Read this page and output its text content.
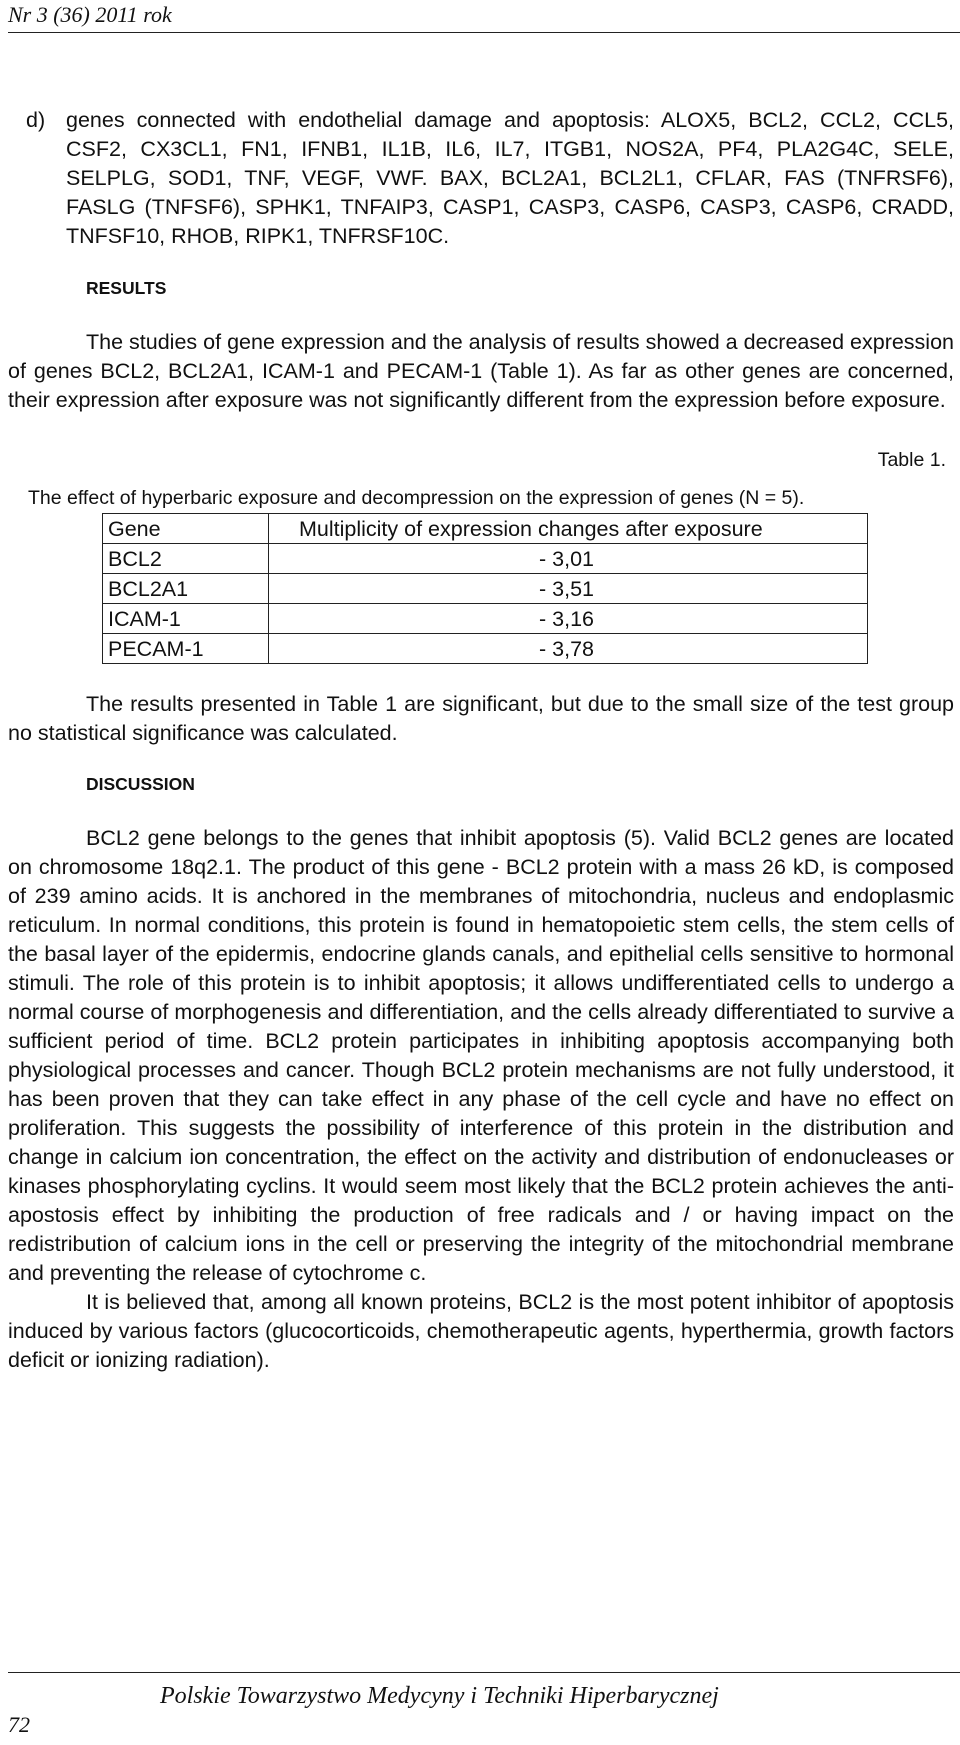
Nr 3 (36) 2011 rok
d) genes connected with endothelial damage and apoptosis: ALOX5, BCL2, CCL2, CCL5, CSF2, CX3CL1, FN1, IFNB1, IL1B, IL6, IL7, ITGB1, NOS2A, PF4, PLA2G4C, SELE, SELPLG, SOD1, TNF, VEGF, VWF. BAX, BCL2A1, BCL2L1, CFLAR, FAS (TNFRSF6), FASLG (TNFSF6), SPHK1, TNFAIP3, CASP1, CASP3, CASP6, CASP3, CASP6, CRADD, TNFSF10, RHOB, RIPK1, TNFRSF10C.
RESULTS

The studies of gene expression and the analysis of results showed a decreased expression of genes BCL2, BCL2A1, ICAM-1 and PECAM-1 (Table 1). As far as other genes are concerned, their expression after exposure was not significantly different from the expression before exposure.

Table 1.
The effect of hyperbaric exposure and decompression on the expression of genes (N = 5).
Gene	Multiplicity of expression changes after exposure
BCL2	- 3,01
BCL2A1	- 3,51
ICAM-1	- 3,16
PECAM-1	- 3,78

The results presented in Table 1 are significant, but due to the small size of the test group no statistical significance was calculated.

DISCUSSION

BCL2 gene belongs to the genes that inhibit apoptosis (5). Valid BCL2 genes are located on chromosome 18q2.1. The product of this gene - BCL2 protein with a mass 26 kD, is composed of 239 amino acids. It is anchored in the membranes of mitochondria, nucleus and endoplasmic reticulum. In normal conditions, this protein is found in hematopoietic stem cells, the stem cells of the basal layer of the epidermis, endocrine glands canals, and epithelial cells sensitive to hormonal stimuli. The role of this protein is to inhibit apoptosis; it allows undifferentiated cells to undergo a normal course of morphogenesis and differentiation, and the cells already differentiated to survive a sufficient period of time. BCL2 protein participates in inhibiting apoptosis accompanying both physiological processes and cancer. Though BCL2 protein mechanisms are not fully understood, it has been proven that they can take effect in any phase of the cell cycle and have no effect on proliferation. This suggests the possibility of interference of this protein in the distribution and change in calcium ion concentration, the effect on the activity and distribution of endonucleases or kinases phosphorylating cyclins. It would seem most likely that the BCL2 protein achieves the anti-apostosis effect by inhibiting the production of free radicals and / or having impact on the redistribution of calcium ions in the cell or preserving the integrity of the mitochondrial membrane and preventing the release of cytochrome c.

It is believed that, among all known proteins, BCL2 is the most potent inhibitor of apoptosis induced by various factors (glucocorticoids, chemotherapeutic agents, hyperthermia, growth factors deficit or ionizing radiation).

Polskie Towarzystwo Medycyny i Techniki Hiperbarycznej
72
